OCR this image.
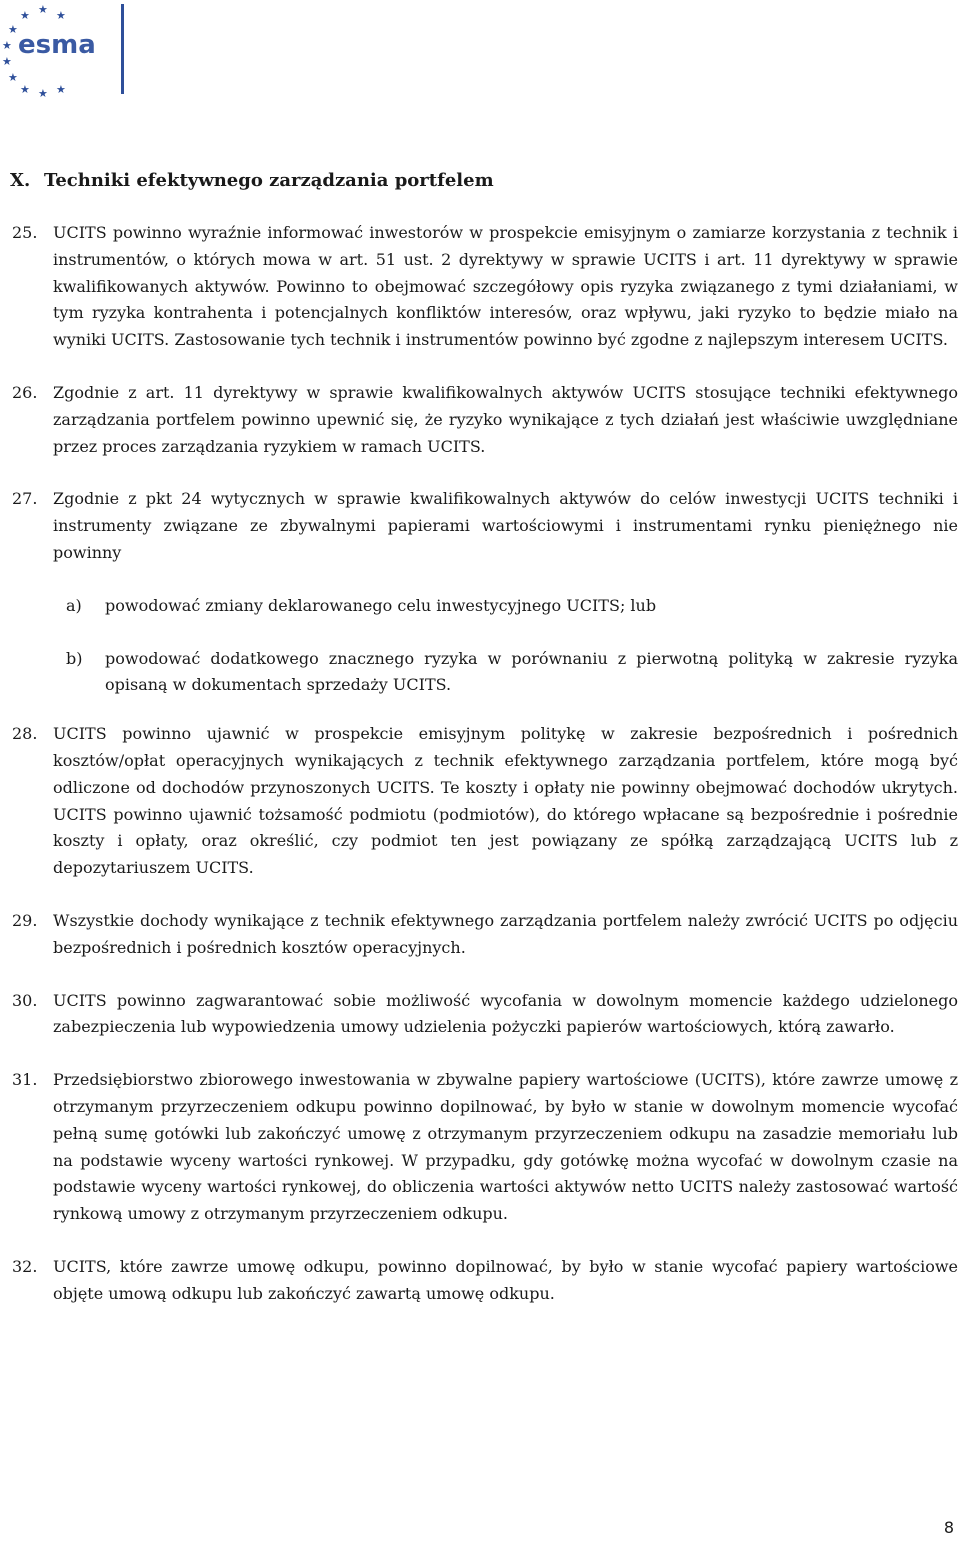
★
★ ★
★
★
★
★
★ ★ ★
esma
X. Techniki efektywnego zarządzania portfelem
25. UCITS powinno wyraźnie informować inwestorów w prospekcie emisyjnym o zamiarze korzystania z technik i instrumentów, o których mowa w art. 51 ust. 2 dyrektywy w sprawie UCITS i art. 11 dyrektywy w sprawie kwalifikowanych aktywów. Powinno to obejmować szczegółowy opis ryzyka związanego z tymi działaniami, w tym ryzyka kontrahenta i potencjalnych konfliktów interesów, oraz wpływu, jaki ryzyko to będzie miało na wyniki UCITS. Zastosowanie tych technik i instrumentów powinno być zgodne z najlepszym interesem UCITS.
26. Zgodnie z art. 11 dyrektywy w sprawie kwalifikowalnych aktywów UCITS stosujące techniki efektywnego zarządzania portfelem powinno upewnić się, że ryzyko wynikające z tych działań jest właściwie uwzględniane przez proces zarządzania ryzykiem w ramach UCITS.
27. Zgodnie z pkt 24 wytycznych w sprawie kwalifikowalnych aktywów do celów inwestycji UCITS techniki i instrumenty związane ze zbywalnymi papierami wartościowymi i instrumentami rynku pieniężnego nie powinny
a) powodować zmiany deklarowanego celu inwestycyjnego UCITS; lub
b) powodować dodatkowego znacznego ryzyka w porównaniu z pierwotną polityką w zakresie ryzyka opisaną w dokumentach sprzedaży UCITS.
28. UCITS powinno ujawnić w prospekcie emisyjnym politykę w zakresie bezpośrednich i pośrednich kosztów/opłat operacyjnych wynikających z technik efektywnego zarządzania portfelem, które mogą być odliczone od dochodów przynoszonych UCITS. Te koszty i opłaty nie powinny obejmować dochodów ukrytych. UCITS powinno ujawnić tożsamość podmiotu (podmiotów), do którego wpłacane są bezpośrednie i pośrednie koszty i opłaty, oraz określić, czy podmiot ten jest powiązany ze spółką zarządzającą UCITS lub z depozytariuszem UCITS.
29. Wszystkie dochody wynikające z technik efektywnego zarządzania portfelem należy zwrócić UCITS po odjęciu bezpośrednich i pośrednich kosztów operacyjnych.
30. UCITS powinno zagwarantować sobie możliwość wycofania w dowolnym momencie każdego udzielonego zabezpieczenia lub wypowiedzenia umowy udzielenia pożyczki papierów wartościowych, którą zawarło.
31. Przedsiębiorstwo zbiorowego inwestowania w zbywalne papiery wartościowe (UCITS), które zawrze umowę z otrzymanym przyrzeczeniem odkupu powinno dopilnować, by było w stanie w dowolnym momencie wycofać pełną sumę gotówki lub zakończyć umowę z otrzymanym przyrzeczeniem odkupu na zasadzie memoriału lub na podstawie wyceny wartości rynkowej. W przypadku, gdy gotówkę można wycofać w dowolnym czasie na podstawie wyceny wartości rynkowej, do obliczenia wartości aktywów netto UCITS należy zastosować wartość rynkową umowy z otrzymanym przyrzeczeniem odkupu.
32. UCITS, które zawrze umowę odkupu, powinno dopilnować, by było w stanie wycofać papiery wartościowe objęte umową odkupu lub zakończyć zawartą umowę odkupu.
8
